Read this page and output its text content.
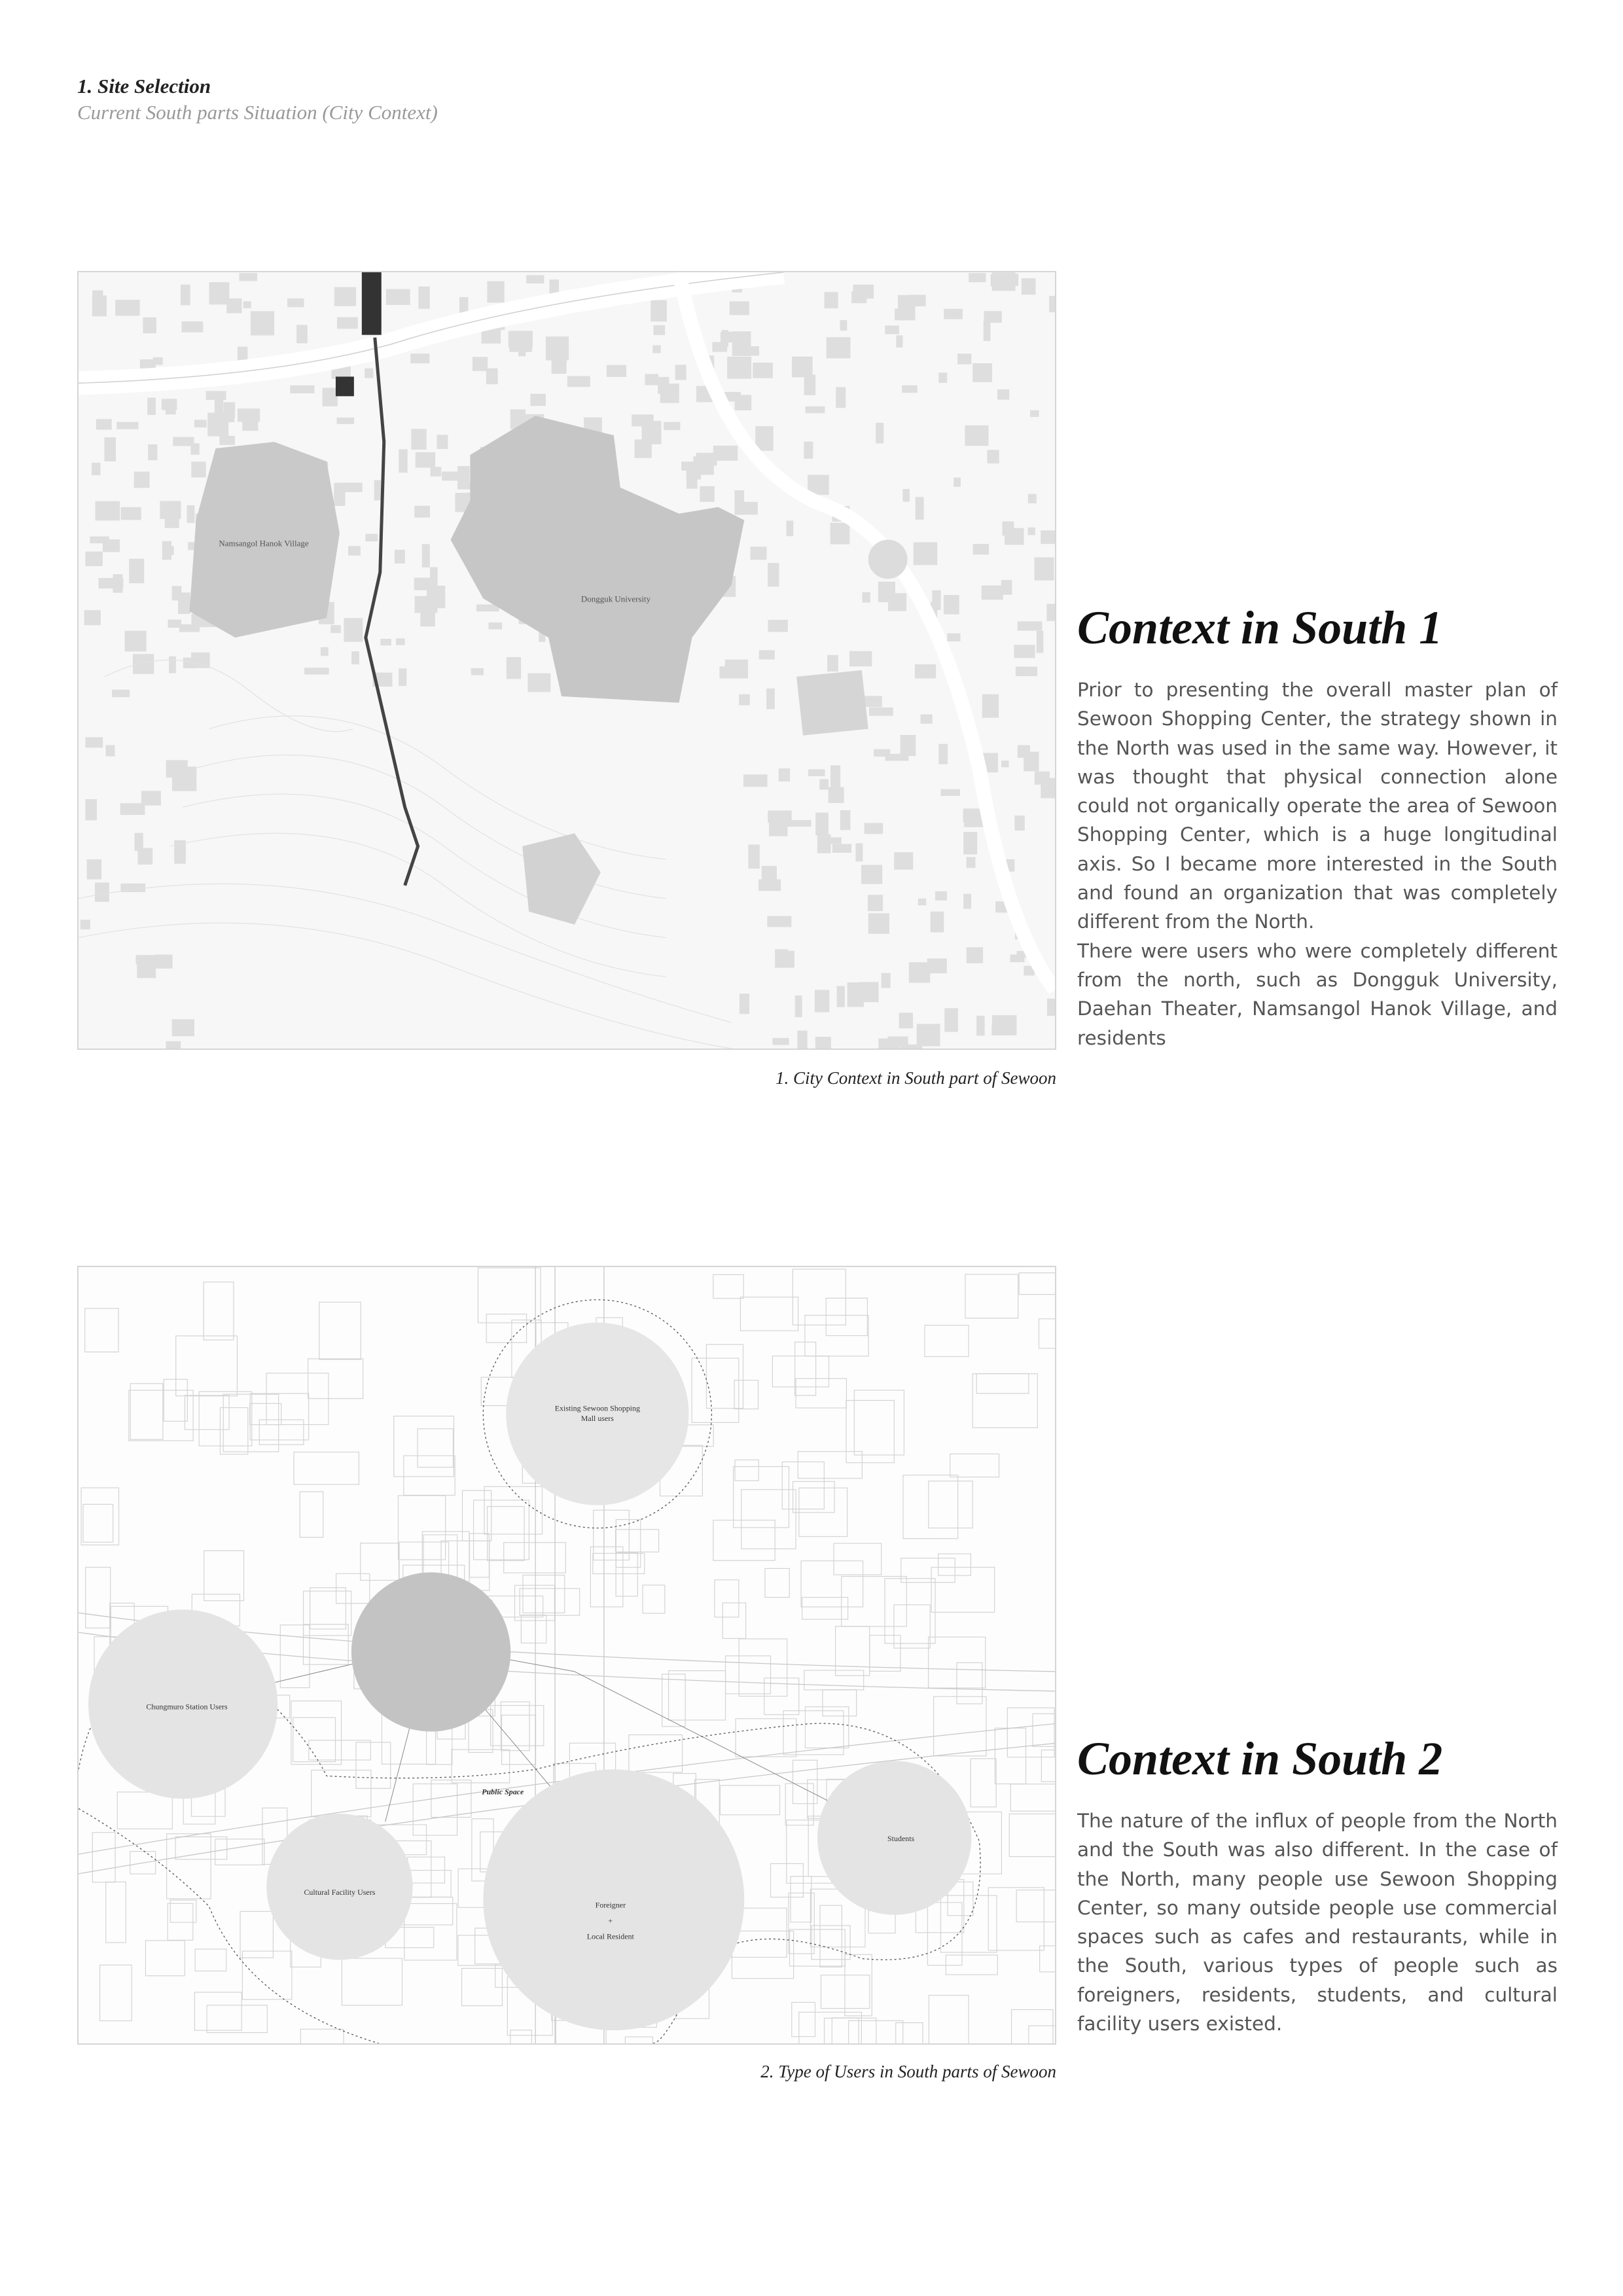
1. Site Selection
Current South parts Situation (City Context)
Namsangol Hanok Village
Dongguk University
1. City Context in South part of Sewoon
Context in South 1

Prior to presenting the overall master plan of Sewoon Shopping Center, the strategy shown in the North was used in the same way. However, it was thought that physical connection alone could not organically operate the area of Sewoon Shopping Center, which is a huge longitudinal axis. So I became more interested in the South and found an organization that was completely different from the North.

There were users who were completely different from the north, such as Dongguk University, Daehan Theater, Namsangol Hanok Village, and residents

Existing Sewoon Shopping
Mall users
Chungmuro Station Users
Public Space
Students
Cultural Facility Users
Foreigner
+
Local Resident
2. Type of Users in South parts of Sewoon
Context in South 2

The nature of the influx of people from the North and the South was also different. In the case of the North, many people use Sewoon Shopping Center, so many outside people use commercial spaces such as cafes and restaurants, while in the South, various types of people such as foreigners, residents, students, and cultural facility users existed.
